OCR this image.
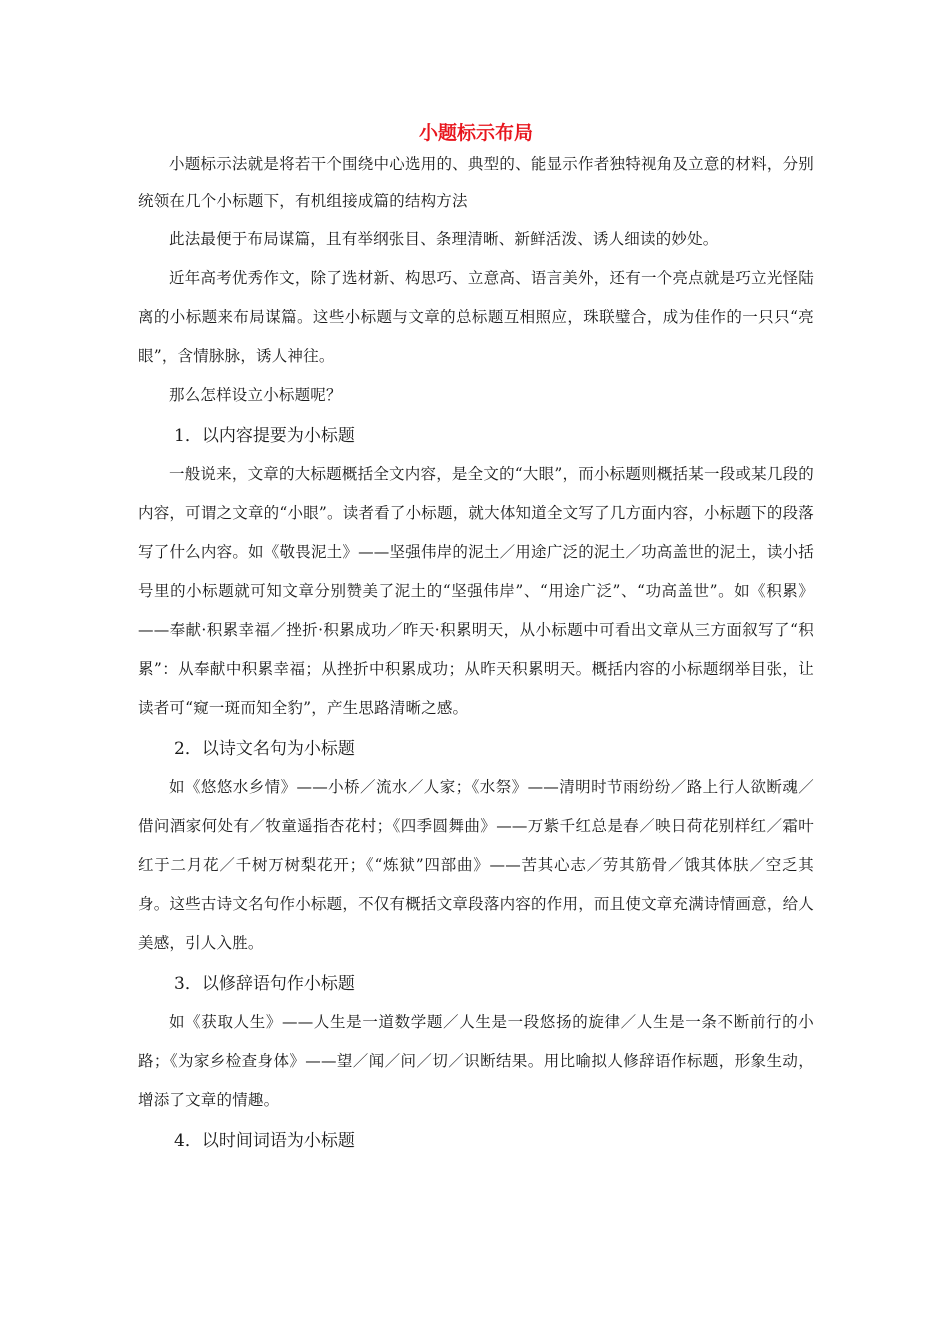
小题标示布局

小题标示法就是将若干个围绕中心选用的、典型的、能显示作者独特视角及立意的材料，分别统领在几个小标题下，有机组接成篇的结构方法

此法最便于布局谋篇，且有举纲张目、条理清晰、新鲜活泼、诱人细读的妙处。

近年高考优秀作文，除了选材新、构思巧、立意高、语言美外，还有一个亮点就是巧立光怪陆离的小标题来布局谋篇。这些小标题与文章的总标题互相照应，珠联璧合，成为佳作的一只只“亮眼”，含情脉脉，诱人神往。

那么怎样设立小标题呢？

1．以内容提要为小标题

一般说来，文章的大标题概括全文内容，是全文的“大眼”，而小标题则概括某一段或某几段的内容，可谓之文章的“小眼”。读者看了小标题，就大体知道全文写了几方面内容，小标题下的段落写了什么内容。如《敬畏泥土》——坚强伟岸的泥土／用途广泛的泥土／功高盖世的泥土，读小括号里的小标题就可知文章分别赞美了泥土的“坚强伟岸”、“用途广泛”、“功高盖世”。如《积累》——奉献·积累幸福／挫折·积累成功／昨天·积累明天，从小标题中可看出文章从三方面叙写了“积累”：从奉献中积累幸福；从挫折中积累成功；从昨天积累明天。概括内容的小标题纲举目张，让读者可“窥一斑而知全豹”，产生思路清晰之感。

2．以诗文名句为小标题

如《悠悠水乡情》——小桥／流水／人家；《水祭》——清明时节雨纷纷／路上行人欲断魂／借问酒家何处有／牧童遥指杏花村；《四季圆舞曲》——万紫千红总是春／映日荷花别样红／霜叶红于二月花／千树万树梨花开；《“炼狱”四部曲》——苦其心志／劳其筋骨／饿其体肤／空乏其身。这些古诗文名句作小标题，不仅有概括文章段落内容的作用，而且使文章充满诗情画意，给人美感，引人入胜。

3．以修辞语句作小标题

如《获取人生》——人生是一道数学题／人生是一段悠扬的旋律／人生是一条不断前行的小路；《为家乡检查身体》——望／闻／问／切／识断结果。用比喻拟人修辞语作标题，形象生动，增添了文章的情趣。

4．以时间词语为小标题
